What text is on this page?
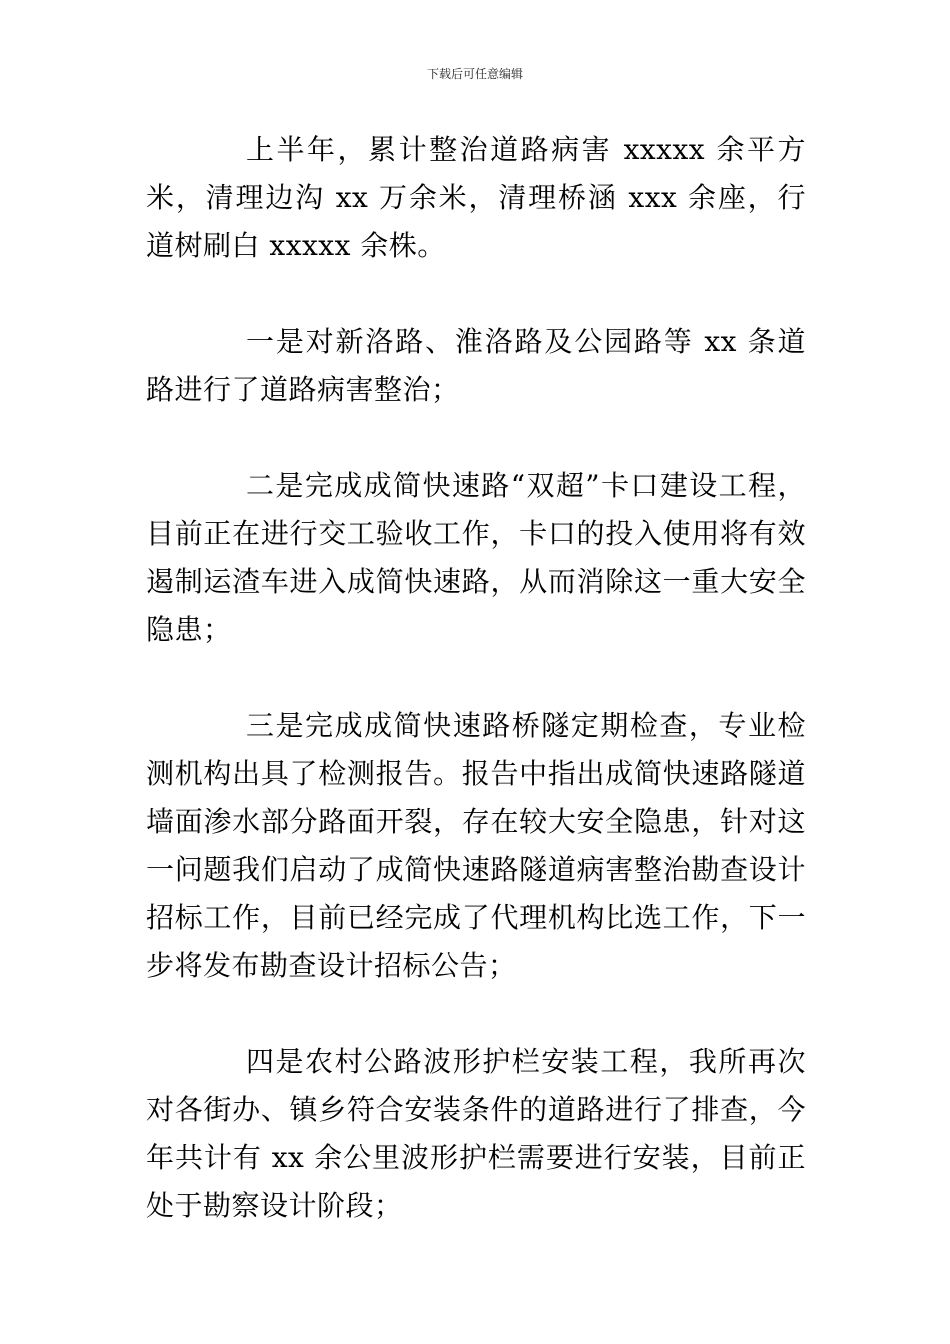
下载后可任意编辑

上半年，累计整治道路病害 xxxxx 余平方米，清理边沟 xx 万余米，清理桥涵 xxx 余座，行道树刷白 xxxxx 余株。

一是对新洛路、淮洛路及公园路等 xx 条道路进行了道路病害整治；

二是完成成简快速路“双超”卡口建设工程，目前正在进行交工验收工作，卡口的投入使用将有效遏制运渣车进入成简快速路，从而消除这一重大安全隐患；

三是完成成简快速路桥隧定期检查，专业检测机构出具了检测报告。报告中指出成简快速路隧道墙面渗水部分路面开裂，存在较大安全隐患，针对这一问题我们启动了成简快速路隧道病害整治勘查设计招标工作，目前已经完成了代理机构比选工作，下一步将发布勘查设计招标公告；

四是农村公路波形护栏安装工程，我所再次对各街办、镇乡符合安装条件的道路进行了排查，今年共计有 xx 余公里波形护栏需要进行安装，目前正处于勘察设计阶段；
